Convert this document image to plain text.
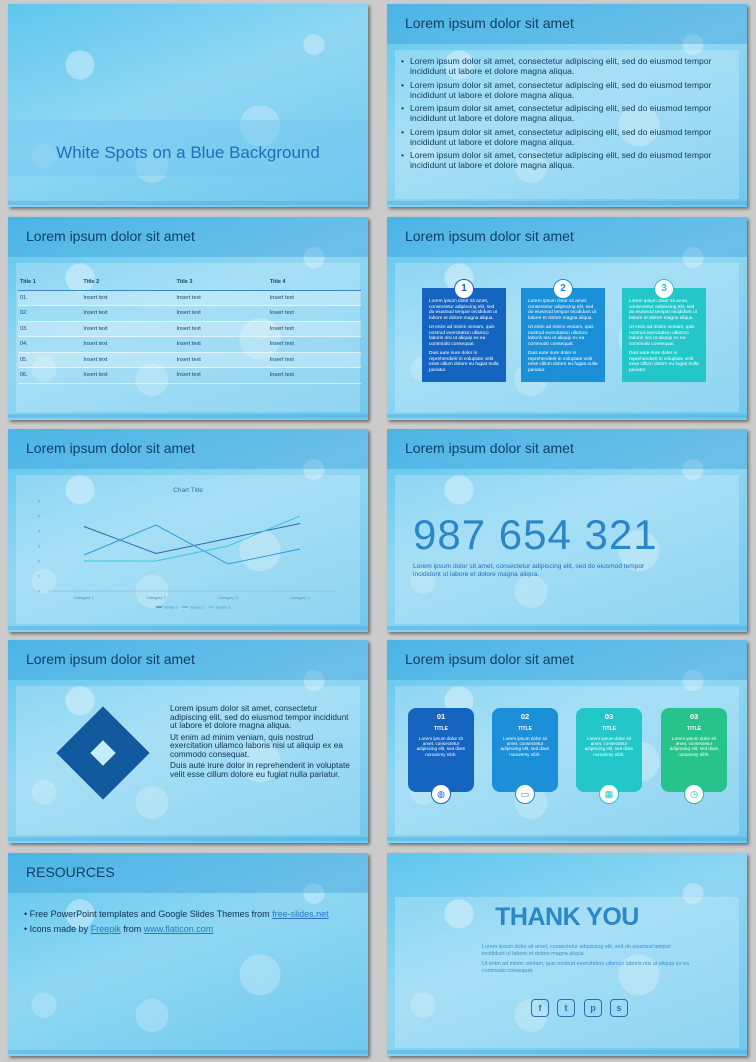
White Spots on a Blue Background
Lorem ipsum dolor sit amet
• Lorem ipsum dolor sit amet, consectetur adipiscing elit, sed do eiusmod tempor incididunt ut labore et dolore magna aliqua.
• Lorem ipsum dolor sit amet, consectetur adipiscing elit, sed do eiusmod tempor incididunt ut labore et dolore magna aliqua.
• Lorem ipsum dolor sit amet, consectetur adipiscing elit, sed do eiusmod tempor incididunt ut labore et dolore magna aliqua.
• Lorem ipsum dolor sit amet, consectetur adipiscing elit, sed do eiusmod tempor incididunt ut labore et dolore magna aliqua.
• Lorem ipsum dolor sit amet, consectetur adipiscing elit, sed do eiusmod tempor incididunt ut labore et dolore magna aliqua.
Lorem ipsum dolor sit amet
Title 1	Title 2	Title 3	Title 4
01.	Insert text	Insert text	Insert text
02.	Insert text	Insert text	Insert text
03.	Insert text	Insert text	Insert text
04.	Insert text	Insert text	Insert text
05.	Insert text	Insert text	Insert text
06.	Insert text	Insert text	Insert text
Lorem ipsum dolor sit amet
1

Lorem ipsum dolor sit amet, consectetur adipiscing elit, sed do eiusmod tempor incididunt ut labore et dolore magna aliqua.

Ut enim ad minim veniam, quis nostrud exercitation ullamco laboris nisi ut aliquip ex ea commodo consequat.

Duis aute irure dolor in reprehenderit in voluptate velit esse cillum dolore eu fugiat nulla pariatur.

2

Lorem ipsum dolor sit amet, consectetur adipiscing elit, sed do eiusmod tempor incididunt ut labore et dolore magna aliqua.

Ut enim ad minim veniam, quis nostrud exercitation ullamco laboris nisi ut aliquip ex ea commodo consequat.

Duis aute irure dolor in reprehenderit in voluptate velit esse cillum dolore eu fugiat nulla pariatur.

3

Lorem ipsum dolor sit amet, consectetur adipiscing elit, sed do eiusmod tempor incididunt ut labore et dolore magna aliqua.

Ut enim ad minim veniam, quis nostrud exercitation ullamco laboris nisi ut aliquip ex ea commodo consequat.

Duis aute irure dolor in reprehenderit in voluptate velit esse cillum dolore eu fugiat nulla pariatur.

Lorem ipsum dolor sit amet
Chart Title
0
1
2
3
4
5
6
Category 1	Category 2	Category 3	Category 4
Series 1	Series 2	Series 3
Lorem ipsum dolor sit amet
987 654 321
Lorem ipsum dolor sit amet, consectetur adipiscing elit, sed do eiusmod tempor incididunt ut labore et dolore magna aliqua.
Lorem ipsum dolor sit amet

Lorem ipsum dolor sit amet, consectetur adipiscing elit, sed do eiusmod tempor incididunt ut labore et dolore magna aliqua.

Ut enim ad minim veniam, quis nostrud exercitation ullamco laboris nisi ut aliquip ex ea commodo consequat.

Duis aute irure dolor in reprehenderit in voluptate velit esse cillum dolore eu fugiat nulla pariatur.

Lorem ipsum dolor sit amet
01
TITLE
Lorem ipsum dolor sit amet, consectetur adipiscing elit, sed diam nonummy nibh.
◍
02
TITLE
Lorem ipsum dolor sit amet, consectetur adipiscing elit, sed diam nonummy nibh.
▭
03
TITLE
Lorem ipsum dolor sit amet, consectetur adipiscing elit, sed diam nonummy nibh.
▦
03
TITLE
Lorem ipsum dolor sit amet, consectetur adipiscing elit, sed diam nonummy nibh.
◷
RESOURCES
• Free PowerPoint templates and Google Slides Themes from free-slides.net
• Icons made by Freepik from www.flaticon.com	THANK YOU

Lorem ipsum dolor sit amet, consectetur adipiscing elit, sed do eiusmod tempor incididunt ut labore et dolore magna aliqua.

Ut enim ad minim veniam, quis nostrud exercitation ullamco laboris nisi ut aliquip ex ea commodo consequat.

f	t	p	s
